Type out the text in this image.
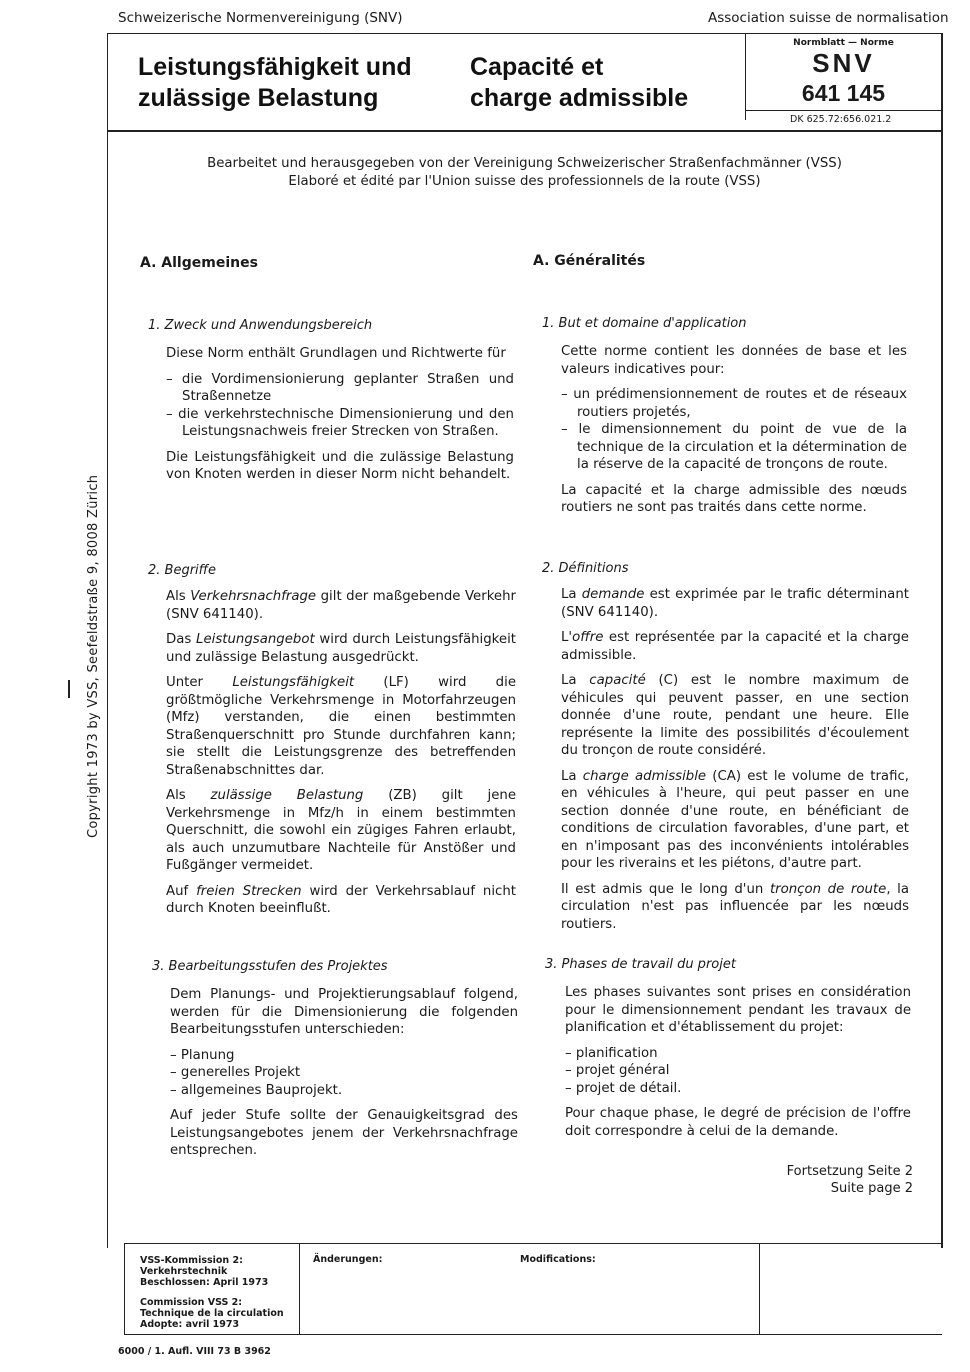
Schweizerische Normenvereinigung (SNV)	Association suisse de normalisation
Leistungsfähigkeit und
zulässige Belastung
Capacité et
charge admissible
Normblatt — Norme
SNV
641 145
DK 625.72:656.021.2
Bearbeitet und herausgegeben von der Vereinigung Schweizerischer Straßenfachmänner (VSS)
Elaboré et édité par l'Union suisse des professionnels de la route (VSS)
Copyright 1973 by VSS, Seefeldstraße 9, 8008 Zürich
A. Allgemeines	A. Généralités
1. Zweck und Anwendungsbereich	1. But et domaine d'application

Diese Norm enthält Grundlagen und Richtwerte für

– die Vordimensionierung geplanter Straßen und Straßennetze
– die verkehrstechnische Dimensionierung und den Leistungsnachweis freier Strecken von Straßen.

Die Leistungsfähigkeit und die zulässige Belastung von Knoten werden in dieser Norm nicht behandelt.

Cette norme contient les données de base et les valeurs indicatives pour:

– un prédimensionnement de routes et de réseaux routiers projetés,
– le dimensionnement du point de vue de la technique de la circulation et la détermination de la réserve de la capacité de tronçons de route.

La capacité et la charge admissible des nœuds routiers ne sont pas traités dans cette norme.

2. Begriffe	2. Définitions

Als Verkehrsnachfrage gilt der maßgebende Verkehr (SNV 641140).

Das Leistungsangebot wird durch Leistungsfähigkeit und zulässige Belastung ausgedrückt.

Unter Leistungsfähigkeit (LF) wird die größtmögliche Verkehrsmenge in Motorfahrzeugen (Mfz) verstanden, die einen bestimmten Straßenquerschnitt pro Stunde durchfahren kann; sie stellt die Leistungsgrenze des betreffenden Straßenabschnittes dar.

Als zulässige Belastung (ZB) gilt jene Verkehrsmenge in Mfz/h in einem bestimmten Querschnitt, die sowohl ein zügiges Fahren erlaubt, als auch unzumutbare Nachteile für Anstößer und Fußgänger vermeidet.

Auf freien Strecken wird der Verkehrsablauf nicht durch Knoten beeinflußt.

La demande est exprimée par le trafic déterminant (SNV 641140).

L'offre est représentée par la capacité et la charge admissible.

La capacité (C) est le nombre maximum de véhicules qui peuvent passer, en une section donnée d'une route, pendant une heure. Elle représente la limite des possibilités d'écoulement du tronçon de route considéré.

La charge admissible (CA) est le volume de trafic, en véhicules à l'heure, qui peut passer en une section donnée d'une route, en bénéficiant de conditions de circulation favorables, d'une part, et en n'imposant pas des inconvénients intolérables pour les riverains et les piétons, d'autre part.

Il est admis que le long d'un tronçon de route, la circulation n'est pas influencée par les nœuds routiers.

3. Bearbeitungsstufen des Projektes	3. Phases de travail du projet

Dem Planungs- und Projektierungsablauf folgend, werden für die Dimensionierung die folgenden Bearbeitungsstufen unterschieden:

– Planung
– generelles Projekt
– allgemeines Bauprojekt.

Auf jeder Stufe sollte der Genauigkeitsgrad des Leistungsangebotes jenem der Verkehrsnachfrage entsprechen.

Les phases suivantes sont prises en considération pour le dimensionnement pendant les travaux de planification et d'établissement du projet:

– planification
– projet général
– projet de détail.

Pour chaque phase, le degré de précision de l'offre doit correspondre à celui de la demande.

Fortsetzung Seite 2
Suite page 2
VSS-Kommission 2:
Verkehrstechnik
Beschlossen: April 1973
Commission VSS 2:
Technique de la circulation
Adopte: avril 1973
Änderungen:	Modifications:
6000 / 1. Aufl. VIII 73 B 3962
